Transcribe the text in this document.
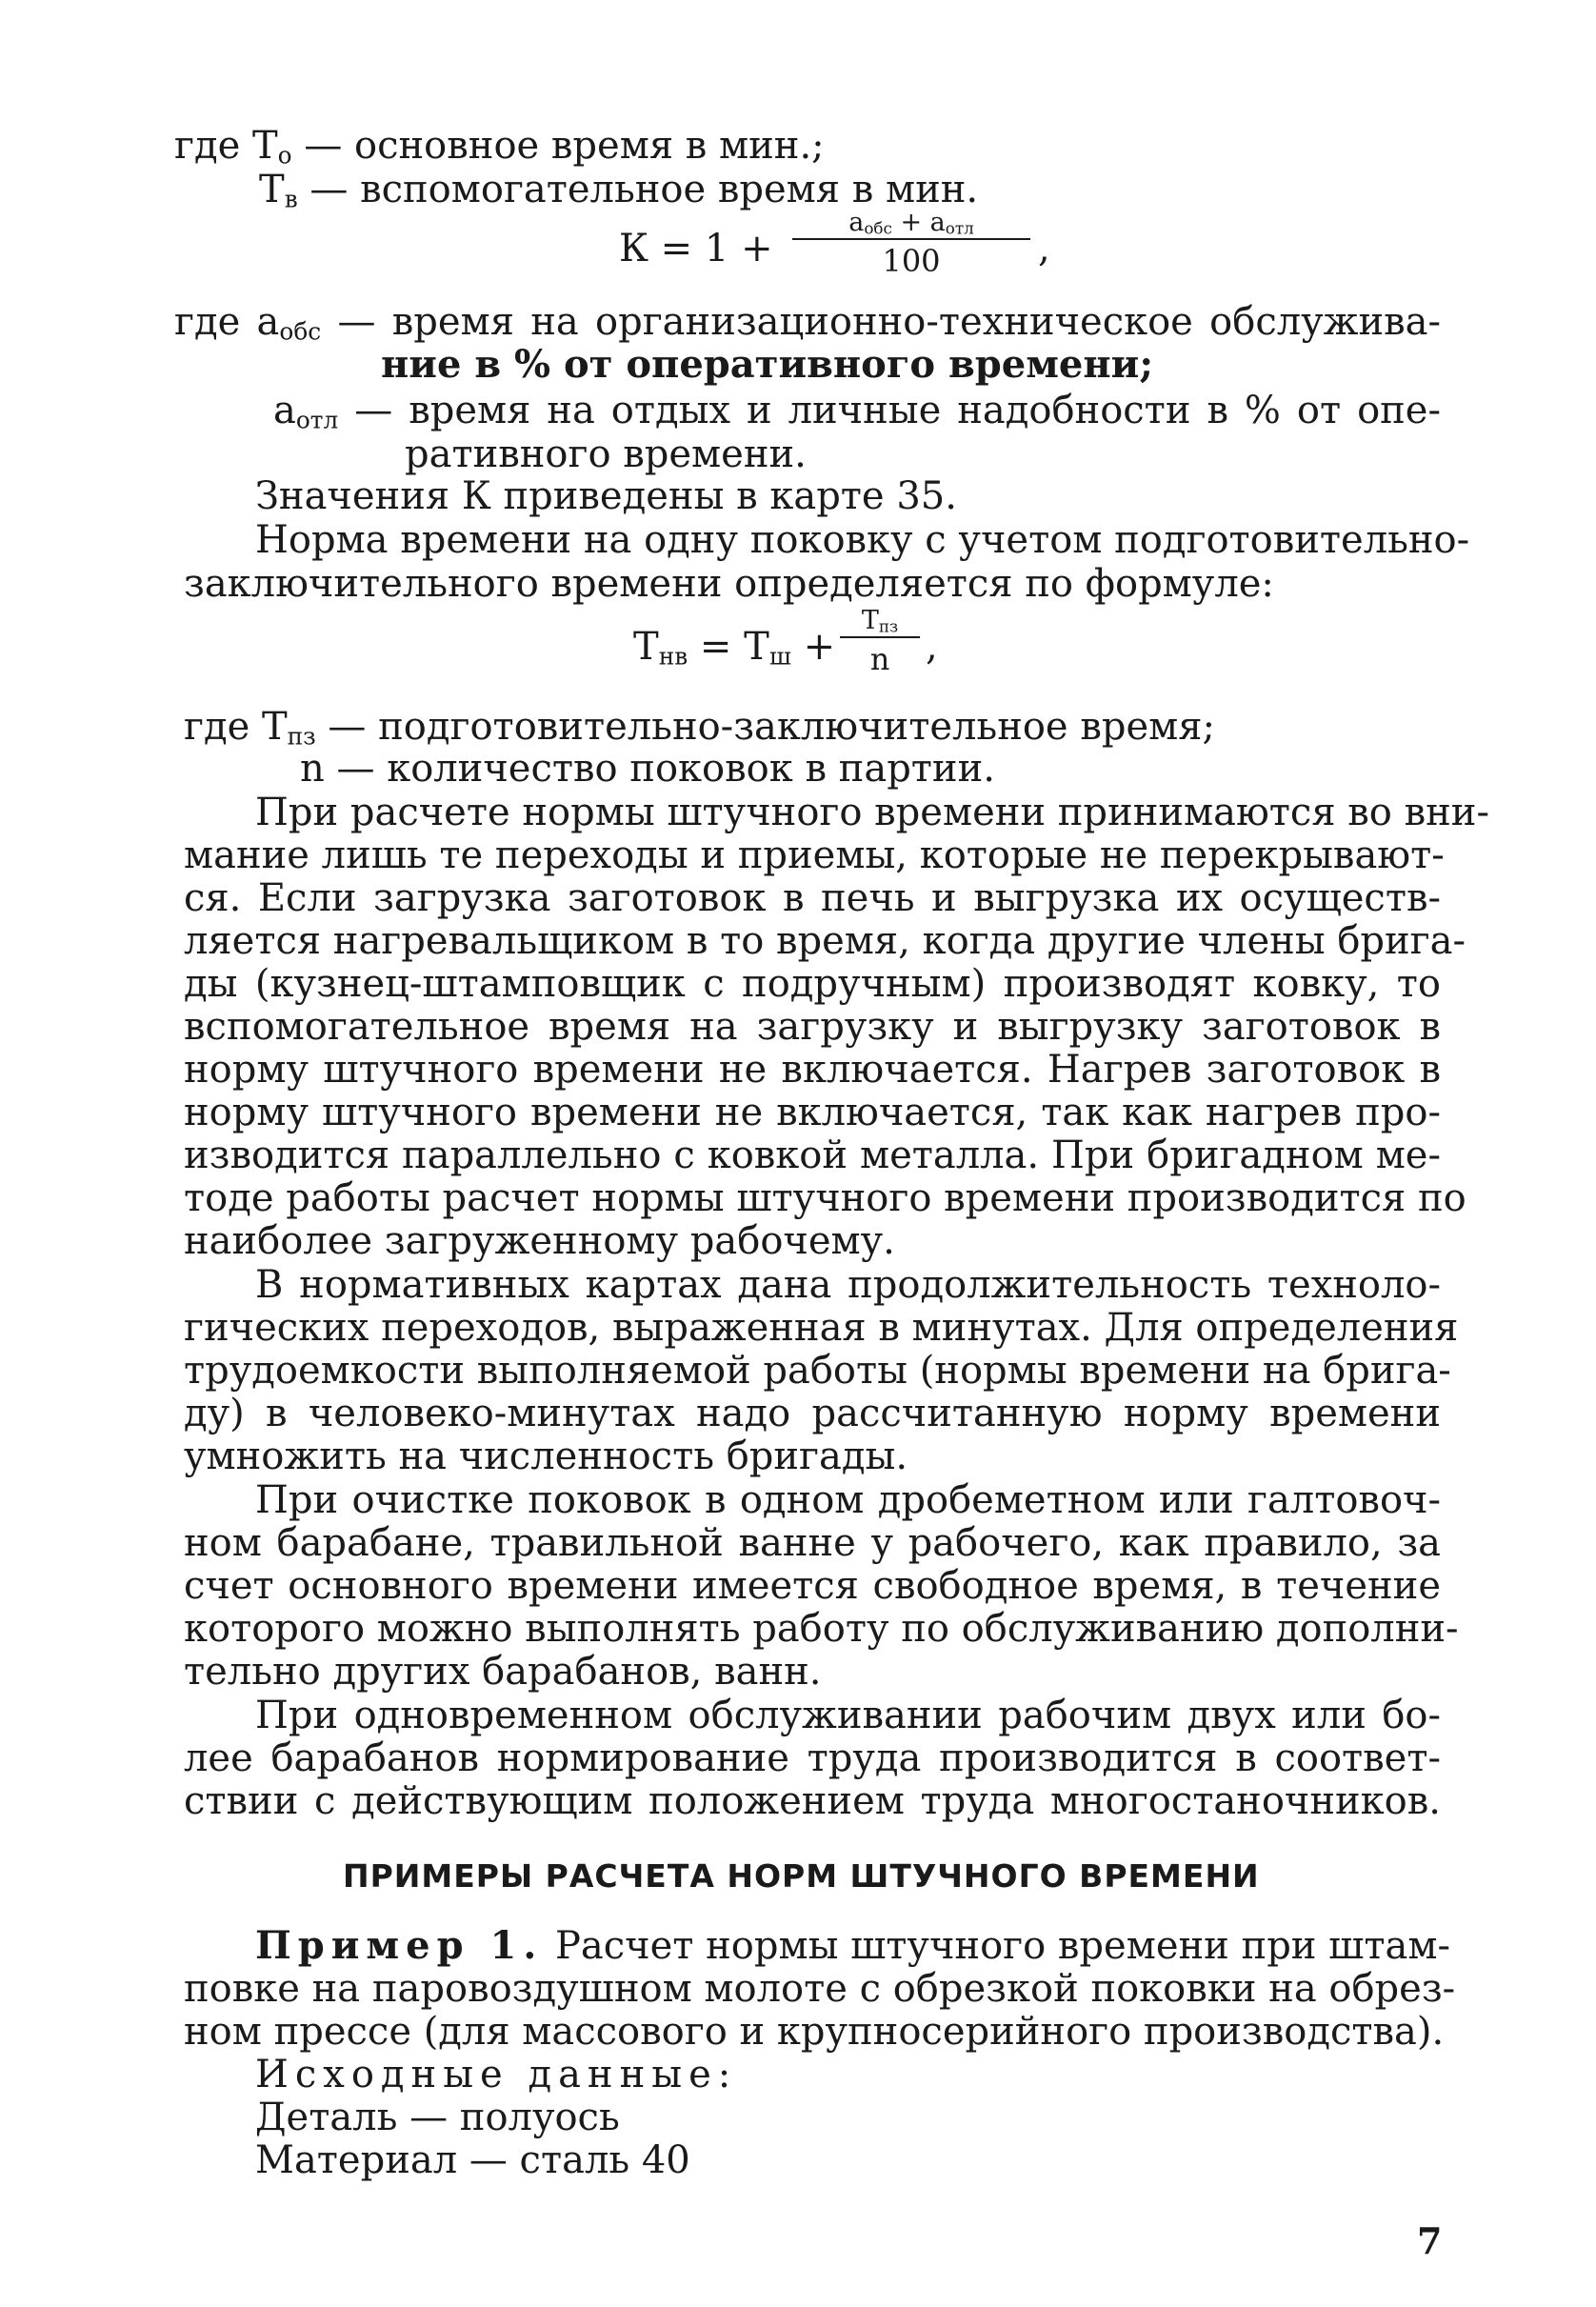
где $Т_о$ — основное время в мин.;
$Т_в$ — вспомогательное время в мин.
К = 1 +
$а_{обс} + а_{отл}$
100	,
где $а_{обс}$ — время на организационно-техническое обслужива-
ние в % от оперативного времени;
$а_{отл}$ — время на отдых и личные надобности в % от опе-
ративного времени.
Значения К приведены в карте 35.
Норма времени на одну поковку с учетом подготовительно-
заключительного времени определяется по формуле:
$Т_{нв} = Т_ш$ +
$Т_{пз}$
n ,
где $Т_{пз}$ — подготовительно-заключительное время;
n — количество поковок в партии.
При расчете нормы штучного времени принимаются во вни-
мание лишь те переходы и приемы, которые не перекрывают-
ся. Если загрузка заготовок в печь и выгрузка их осуществ-
ляется нагревальщиком в то время, когда другие члены брига-
ды (кузнец-штамповщик с подручным) производят ковку, то
вспомогательное время на загрузку и выгрузку заготовок в
норму штучного времени не включается. Нагрев заготовок в
норму штучного времени не включается, так как нагрев про-
изводится параллельно с ковкой металла. При бригадном ме-
тоде работы расчет нормы штучного времени производится по
наиболее загруженному рабочему.
В нормативных картах дана продолжительность техноло-
гических переходов, выраженная в минутах. Для определения
трудоемкости выполняемой работы (нормы времени на брига-
ду) в человеко-минутах надо рассчитанную норму времени
умножить на численность бригады.
При очистке поковок в одном дробеметном или галтовоч-
ном барабане, травильной ванне у рабочего, как правило, за
счет основного времени имеется свободное время, в течение
которого можно выполнять работу по обслуживанию дополни-
тельно других барабанов, ванн.
При одновременном обслуживании рабочим двух или бо-
лее барабанов нормирование труда производится в соответ-
ствии с действующим положением труда многостаночников.
ПРИМЕРЫ РАСЧЕТА НОРМ ШТУЧНОГО ВРЕМЕНИ
Пример 1. Расчет нормы штучного времени при штам-
повке на паровоздушном молоте с обрезкой поковки на обрез-
ном прессе (для массового и крупносерийного производства).
Исходные данные:
Деталь — полуось
Материал — сталь 40
7
